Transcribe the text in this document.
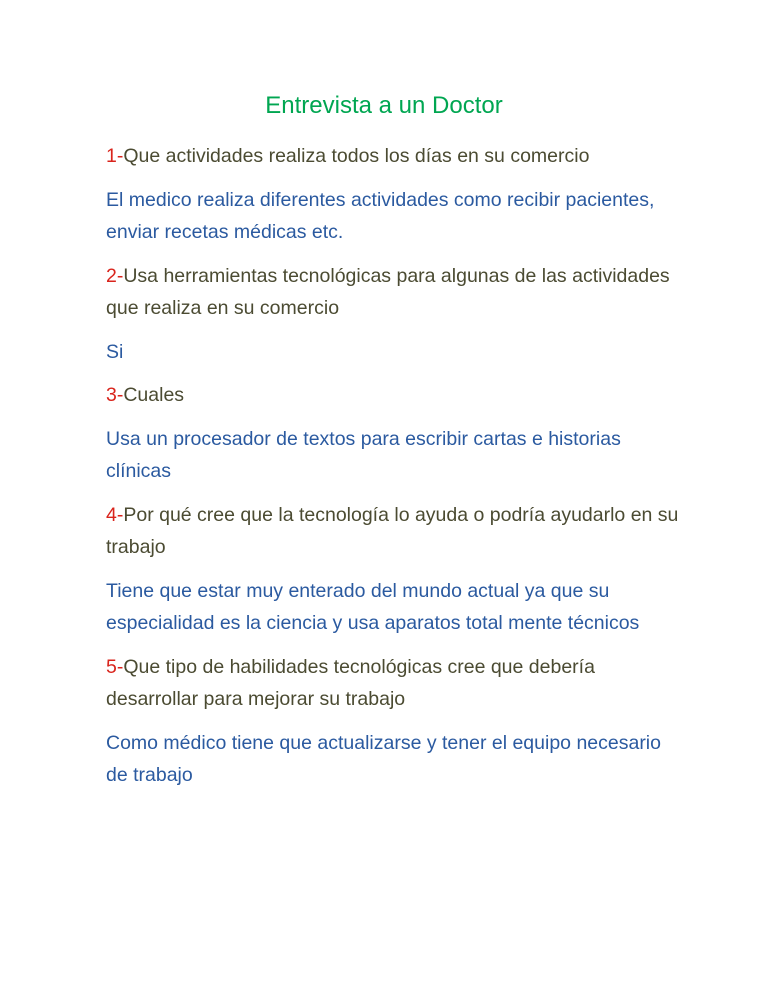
Entrevista a un Doctor

1-Que actividades realiza todos los días en su comercio

El medico realiza diferentes actividades como recibir pacientes, enviar recetas médicas etc.

2-Usa herramientas tecnológicas para algunas de las actividades que realiza en su comercio

Si

3-Cuales

Usa un procesador de textos para escribir cartas e historias clínicas

4-Por qué cree que la tecnología lo ayuda o podría ayudarlo en su trabajo

Tiene que estar muy enterado del mundo actual ya que su especialidad es la ciencia y usa aparatos total mente técnicos

5-Que tipo de habilidades tecnológicas cree que debería desarrollar para mejorar su trabajo

Como médico tiene que actualizarse y tener el equipo necesario de trabajo
